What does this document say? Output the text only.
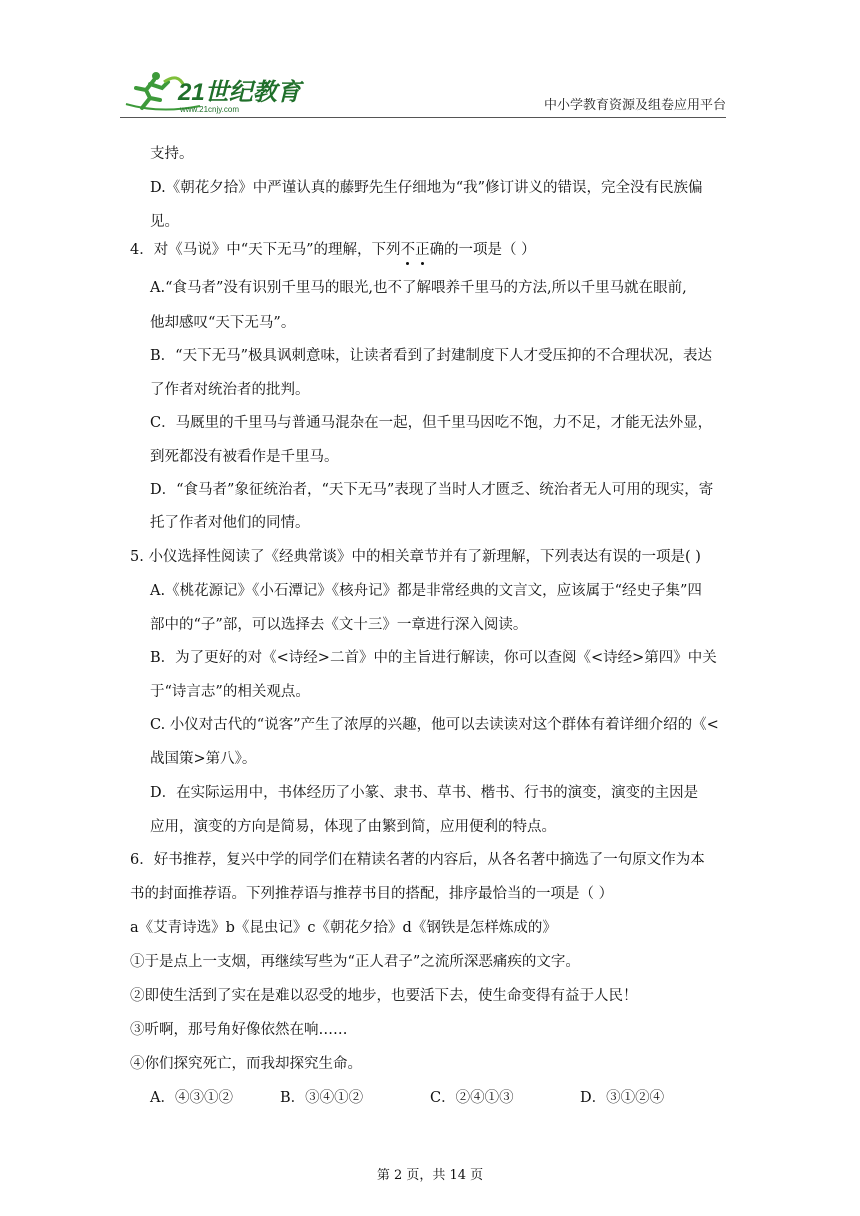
21世纪教育
www.21cnjy.com	中小学教育资源及组卷应用平台
支持。
D.《朝花夕拾》中严谨认真的藤野先生仔细地为“我”修订讲义的错误，完全没有民族偏
见。
4．对《马说》中“天下无马”的理解，下列不正确的一项是（ ）
A.“食马者”没有识别千里马的眼光,也不了解喂养千里马的方法,所以千里马就在眼前,
他却感叹“天下无马”。
B．“天下无马”极具讽刺意味，让读者看到了封建制度下人才受压抑的不合理状况，表达
了作者对统治者的批判。
C．马厩里的千里马与普通马混杂在一起，但千里马因吃不饱，力不足，才能无法外显，
到死都没有被看作是千里马。
D．“食马者”象征统治者，“天下无马”表现了当时人才匮乏、统治者无人可用的现实，寄
托了作者对他们的同情。
5. 小仪选择性阅读了《经典常谈》中的相关章节并有了新理解，下列表达有误的一项是( )
A.《桃花源记》《小石潭记》《核舟记》都是非常经典的文言文，应该属于“经史子集”四
部中的“子”部，可以选择去《文十三》一章进行深入阅读。
B．为了更好的对《<诗经>二首》中的主旨进行解读，你可以查阅《<诗经>第四》中关
于“诗言志”的相关观点。
C. 小仪对古代的“说客”产生了浓厚的兴趣，他可以去读读对这个群体有着详细介绍的《<
战国策>第八》。
D．在实际运用中，书体经历了小篆、隶书、草书、楷书、行书的演变，演变的主因是
应用，演变的方向是简易，体现了由繁到简，应用便利的特点。
6．好书推荐，复兴中学的同学们在精读名著的内容后，从各名著中摘选了一句原文作为本
书的封面推荐语。下列推荐语与推荐书目的搭配，排序最恰当的一项是（ ）
a《艾青诗选》b《昆虫记》c《朝花夕拾》d《钢铁是怎样炼成的》
①于是点上一支烟，再继续写些为“正人君子”之流所深恶痛疾的文字。
②即使生活到了实在是难以忍受的地步，也要活下去，使生命变得有益于人民！
③听啊，那号角好像依然在响……
④你们探究死亡，而我却探究生命。
A．④③①②	B．③④①②	C．②④①③	D．③①②④
第 2 页，共 14 页
